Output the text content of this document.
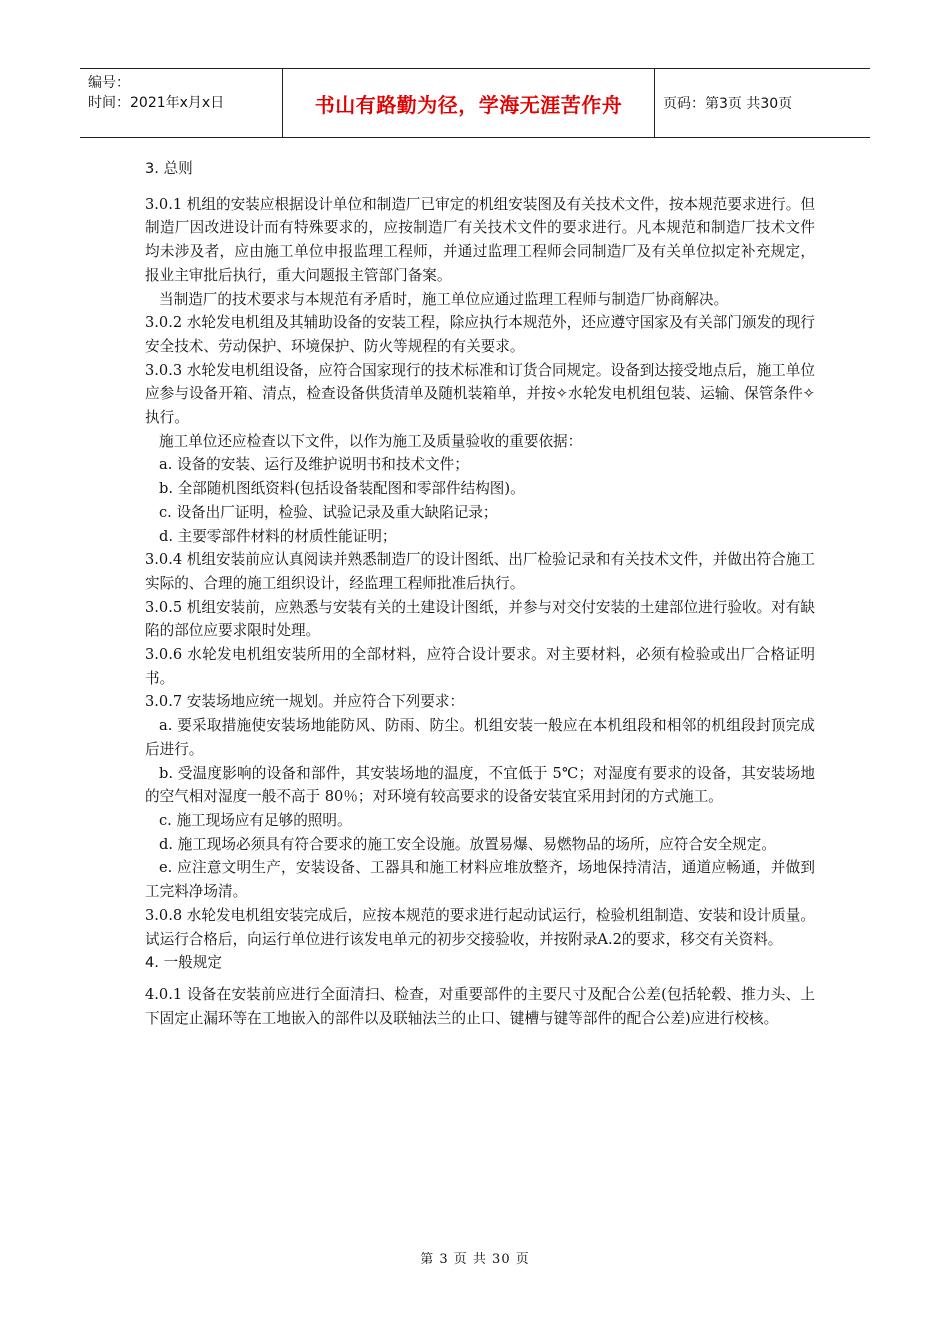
编号：
时间：2021年x月x日	书山有路勤为径，学海无涯苦作舟	页码：第3页 共30页

3. 总则

3.0.1 机组的安装应根据设计单位和制造厂已审定的机组安装图及有关技术文件，按本规范要求进行。但制造厂因改进设计而有特殊要求的，应按制造厂有关技术文件的要求进行。凡本规范和制造厂技术文件均未涉及者，应由施工单位申报监理工程师，并通过监理工程师会同制造厂及有关单位拟定补充规定，报业主审批后执行，重大问题报主管部门备案。

当制造厂的技术要求与本规范有矛盾时，施工单位应通过监理工程师与制造厂协商解决。

3.0.2 水轮发电机组及其辅助设备的安装工程，除应执行本规范外，还应遵守国家及有关部门颁发的现行安全技术、劳动保护、环境保护、防火等规程的有关要求。

3.0.3 水轮发电机组设备，应符合国家现行的技术标准和订货合同规定。设备到达接受地点后，施工单位应参与设备开箱、清点，检查设备供货清单及随机装箱单，并按✧水轮发电机组包装、运输、保管条件✧执行。

施工单位还应检查以下文件，以作为施工及质量验收的重要依据：

a. 设备的安装、运行及维护说明书和技术文件；

b. 全部随机图纸资料(包括设备装配图和零部件结构图)。

c. 设备出厂证明，检验、试验记录及重大缺陷记录；

d. 主要零部件材料的材质性能证明；

3.0.4 机组安装前应认真阅读并熟悉制造厂的设计图纸、出厂检验记录和有关技术文件，并做出符合施工实际的、合理的施工组织设计，经监理工程师批准后执行。

3.0.5 机组安装前，应熟悉与安装有关的土建设计图纸，并参与对交付安装的土建部位进行验收。对有缺陷的部位应要求限时处理。

3.0.6 水轮发电机组安装所用的全部材料，应符合设计要求。对主要材料，必须有检验或出厂合格证明书。

3.0.7 安装场地应统一规划。并应符合下列要求：

a. 要采取措施使安装场地能防风、防雨、防尘。机组安装一般应在本机组段和相邻的机组段封顶完成后进行。

b. 受温度影响的设备和部件，其安装场地的温度，不宜低于 5℃；对湿度有要求的设备，其安装场地的空气相对湿度一般不高于 80％；对环境有较高要求的设备安装宜采用封闭的方式施工。

c. 施工现场应有足够的照明。

d. 施工现场必须具有符合要求的施工安全设施。放置易爆、易燃物品的场所，应符合安全规定。

e. 应注意文明生产，安装设备、工器具和施工材料应堆放整齐，场地保持清洁，通道应畅通，并做到工完料净场清。

3.0.8 水轮发电机组安装完成后，应按本规范的要求进行起动试运行，检验机组制造、安装和设计质量。试运行合格后，向运行单位进行该发电单元的初步交接验收，并按附录A.2的要求，移交有关资料。

4. 一般规定

4.0.1 设备在安装前应进行全面清扫、检查，对重要部件的主要尺寸及配合公差(包括轮毂、推力头、上下固定止漏环等在工地嵌入的部件以及联轴法兰的止口、键槽与键等部件的配合公差)应进行校核。

第 3 页 共 30 页
